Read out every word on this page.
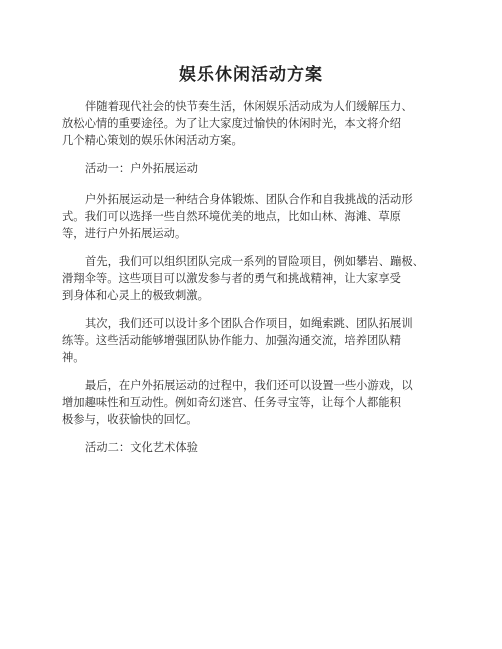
娱乐休闲活动方案

伴随着现代社会的快节奏生活，休闲娱乐活动成为人们缓解压力、
放松心情的重要途径。为了让大家度过愉快的休闲时光，本文将介绍
几个精心策划的娱乐休闲活动方案。

活动一：户外拓展运动

户外拓展运动是一种结合身体锻炼、团队合作和自我挑战的活动形
式。我们可以选择一些自然环境优美的地点，比如山林、海滩、草原
等，进行户外拓展运动。

首先，我们可以组织团队完成一系列的冒险项目，例如攀岩、蹦极、
滑翔伞等。这些项目可以激发参与者的勇气和挑战精神，让大家享受
到身体和心灵上的极致刺激。

其次，我们还可以设计多个团队合作项目，如绳索跳、团队拓展训
练等。这些活动能够增强团队协作能力、加强沟通交流，培养团队精
神。

最后，在户外拓展运动的过程中，我们还可以设置一些小游戏，以
增加趣味性和互动性。例如奇幻迷宫、任务寻宝等，让每个人都能积
极参与，收获愉快的回忆。

活动二：文化艺术体验
